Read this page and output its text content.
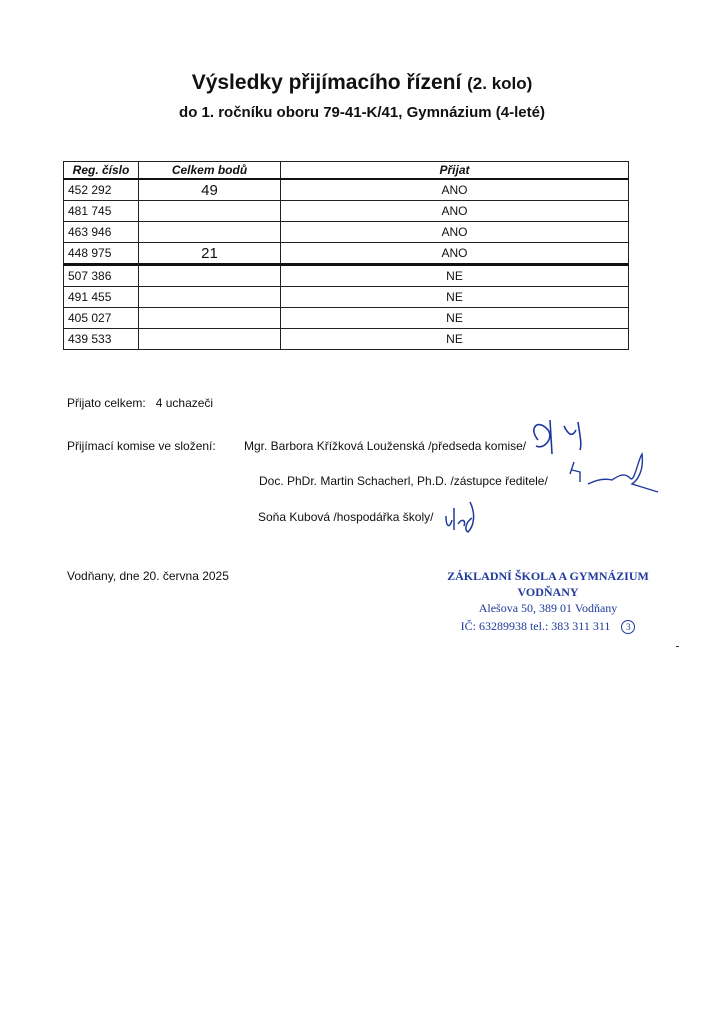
Výsledky přijímacího řízení (2. kolo)

do 1. ročníku oboru 79-41-K/41, Gymnázium (4-leté)

Reg. číslo	Celkem bodů	Přijat
452 292	49	ANO
481 745		ANO
463 946		ANO
448 975	21	ANO
507 386		NE
491 455		NE
405 027		NE
439 533		NE
Přijato celkem: 4 uchazeči
Přijímací komise ve složení: Mgr. Barbora Křížková Louženská /předseda komise/
Doc. PhDr. Martin Schacherl, Ph.D. /zástupce ředitele/
Soňa Kubová /hospodářka školy/
Vodňany, dne 20. června 2025	ZÁKLADNÍ ŠKOLA A GYMNÁZIUM
VODŇANY
Alešova 50, 389 01 Vodňany
IČ: 63289938 tel.: 383 311 311 3
